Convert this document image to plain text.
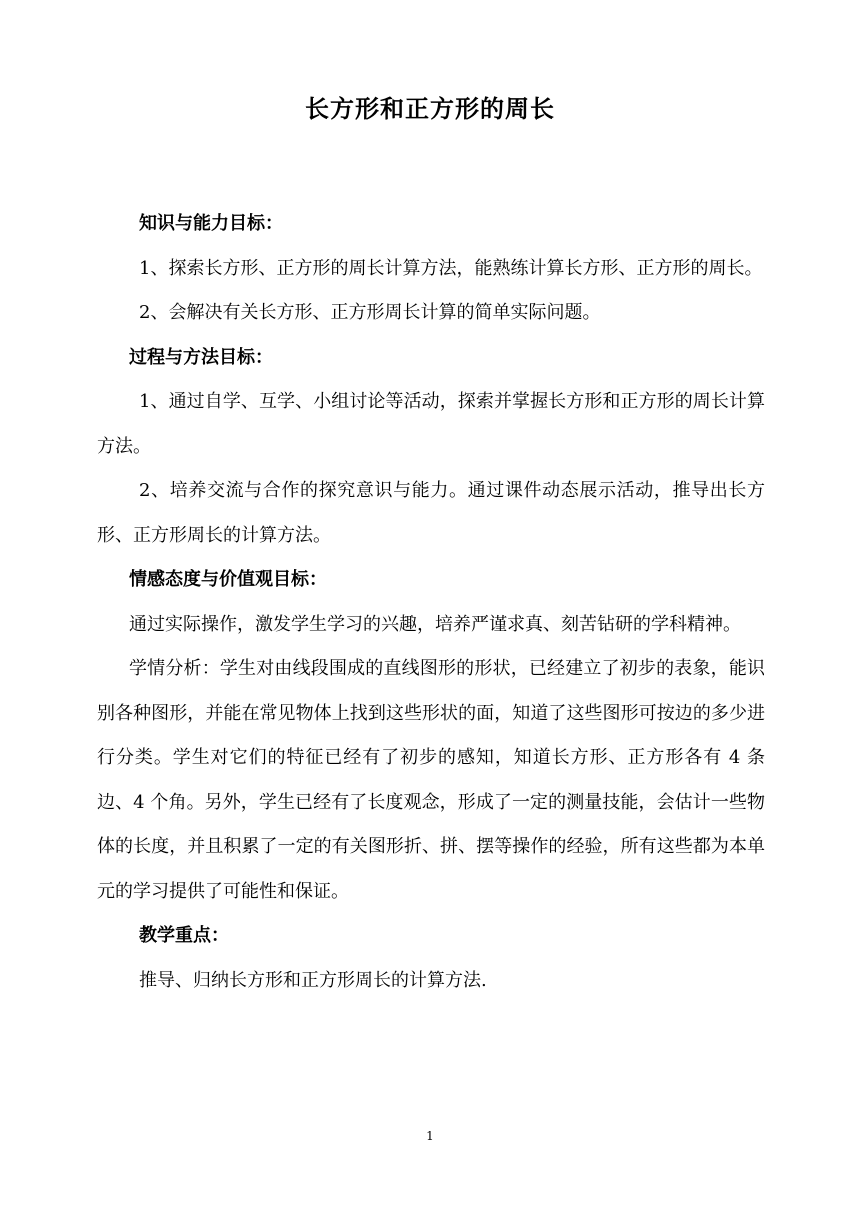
长方形和正方形的周长

知识与能力目标：

1、探索长方形、正方形的周长计算方法，能熟练计算长方形、正方形的周长。

2、会解决有关长方形、正方形周长计算的简单实际问题。

过程与方法目标：

1、通过自学、互学、小组讨论等活动，探索并掌握长方形和正方形的周长计算方法。

2、培养交流与合作的探究意识与能力。通过课件动态展示活动，推导出长方形、正方形周长的计算方法。

情感态度与价值观目标：

通过实际操作，激发学生学习的兴趣，培养严谨求真、刻苦钻研的学科精神。

学情分析：学生对由线段围成的直线图形的形状，已经建立了初步的表象，能识别各种图形，并能在常见物体上找到这些形状的面，知道了这些图形可按边的多少进行分类。学生对它们的特征已经有了初步的感知，知道长方形、正方形各有 4 条边、4 个角。另外，学生已经有了长度观念，形成了一定的测量技能，会估计一些物体的长度，并且积累了一定的有关图形折、拼、摆等操作的经验，所有这些都为本单元的学习提供了可能性和保证。

教学重点：

推导、归纳长方形和正方形周长的计算方法.

1
